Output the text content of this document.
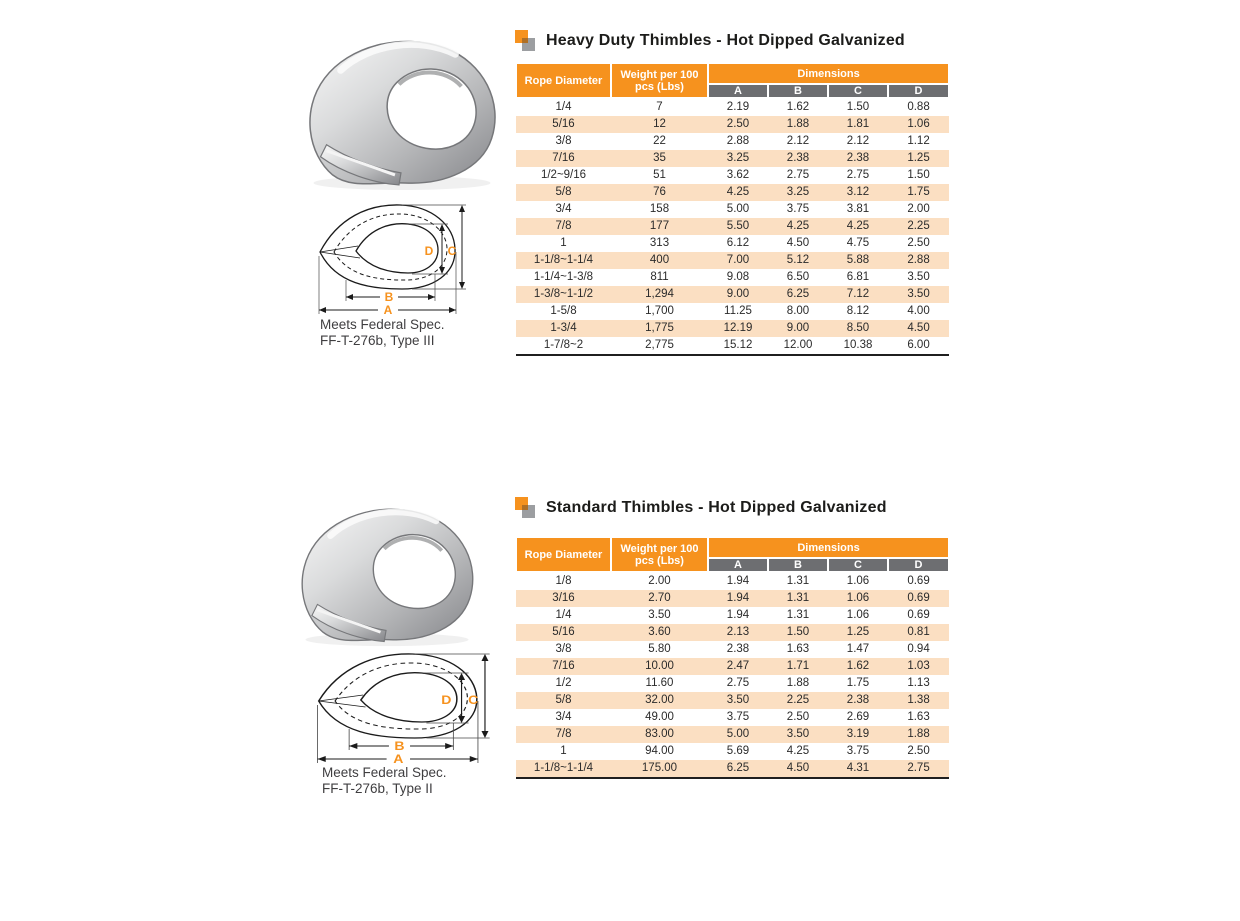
D C
B
A
Meets Federal Spec.
FF-T-276b, Type III
Heavy Duty Thimbles - Hot Dipped Galvanized
Rope Diameter	Weight per 100 pcs (Lbs)	Dimensions			
		A	B	C	D
1/4	7	2.19	1.62	1.50	0.88
5/16	12	2.50	1.88	1.81	1.06
3/8	22	2.88	2.12	2.12	1.12
7/16	35	3.25	2.38	2.38	1.25
1/2~9/16	51	3.62	2.75	2.75	1.50
5/8	76	4.25	3.25	3.12	1.75
3/4	158	5.00	3.75	3.81	2.00
7/8	177	5.50	4.25	4.25	2.25
1	313	6.12	4.50	4.75	2.50
1-1/8~1-1/4	400	7.00	5.12	5.88	2.88
1-1/4~1-3/8	811	9.08	6.50	6.81	3.50
1-3/8~1-1/2	1,294	9.00	6.25	7.12	3.50
1-5/8	1,700	11.25	8.00	8.12	4.00
1-3/4	1,775	12.19	9.00	8.50	4.50
1-7/8~2	2,775	15.12	12.00	10.38	6.00
D C
B
A
Meets Federal Spec.
FF-T-276b, Type II
Standard Thimbles - Hot Dipped Galvanized
Rope Diameter	Weight per 100 pcs (Lbs)	Dimensions			
		A	B	C	D
1/8	2.00	1.94	1.31	1.06	0.69
3/16	2.70	1.94	1.31	1.06	0.69
1/4	3.50	1.94	1.31	1.06	0.69
5/16	3.60	2.13	1.50	1.25	0.81
3/8	5.80	2.38	1.63	1.47	0.94
7/16	10.00	2.47	1.71	1.62	1.03
1/2	11.60	2.75	1.88	1.75	1.13
5/8	32.00	3.50	2.25	2.38	1.38
3/4	49.00	3.75	2.50	2.69	1.63
7/8	83.00	5.00	3.50	3.19	1.88
1	94.00	5.69	4.25	3.75	2.50
1-1/8~1-1/4	175.00	6.25	4.50	4.31	2.75
